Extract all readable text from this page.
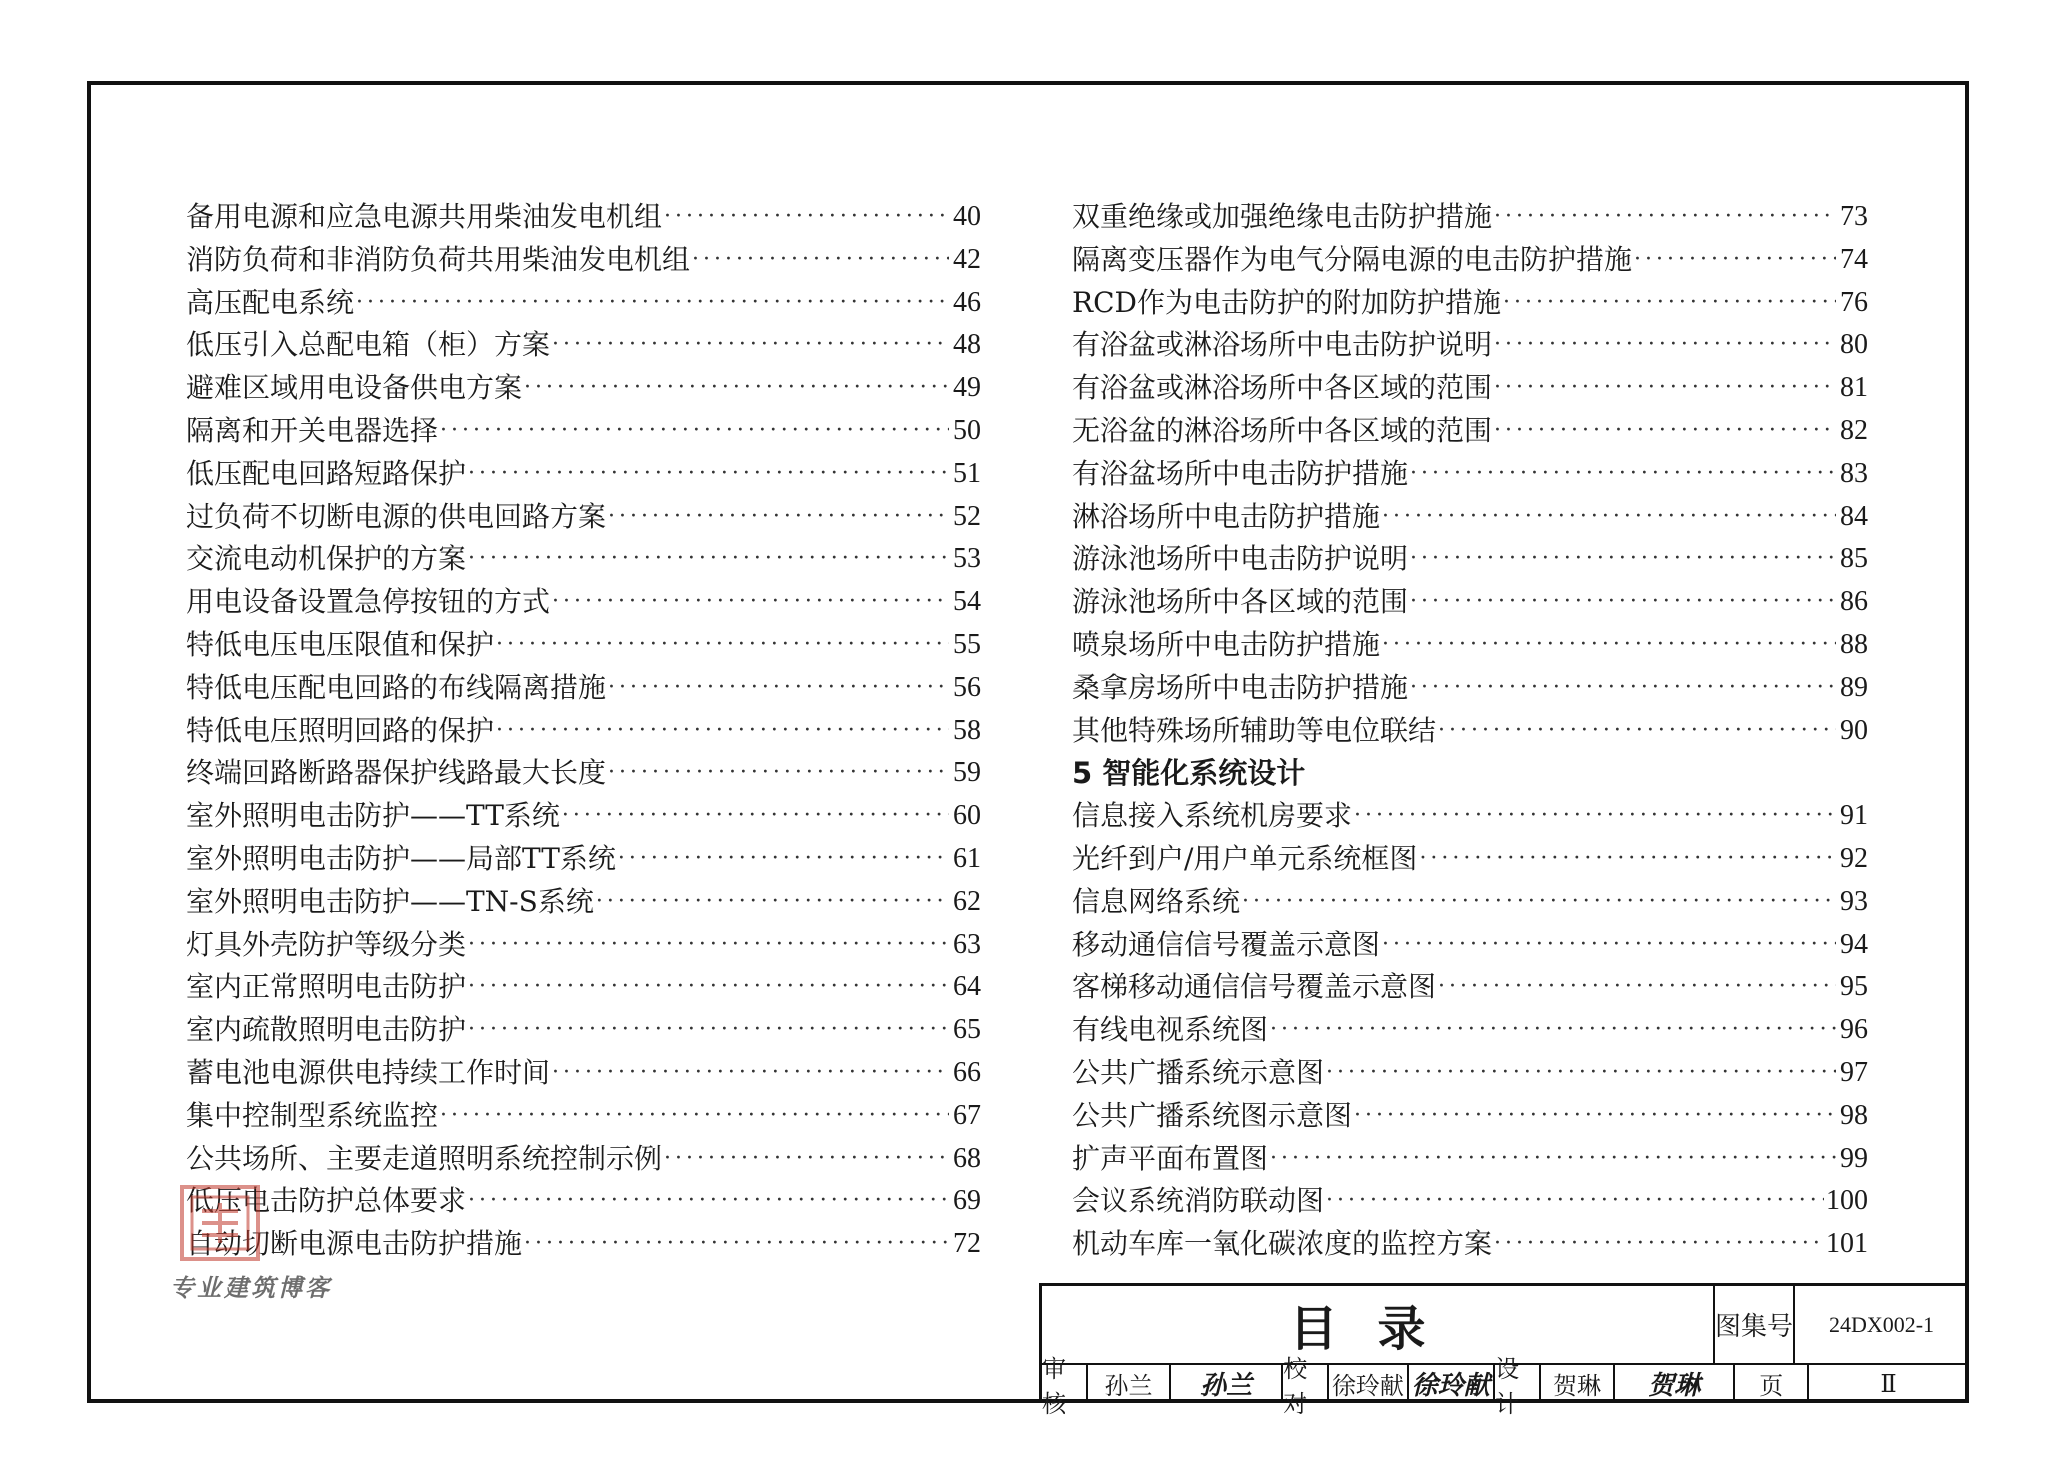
备用电源和应急电源共用柴油发电机组 ·····	40
消防负荷和非消防负荷共用柴油发电机组 ·····	42
高压配电系统 ·····	46
低压引入总配电箱（柜）方案 ·····	48
避难区域用电设备供电方案 ·····	49
隔离和开关电器选择 ·····	50
低压配电回路短路保护 ·····	51
过负荷不切断电源的供电回路方案 ·····	52
交流电动机保护的方案 ·····	53
用电设备设置急停按钮的方式 ·····	54
特低电压电压限值和保护 ·····	55
特低电压配电回路的布线隔离措施 ·····	56
特低电压照明回路的保护 ·····	58
终端回路断路器保护线路最大长度 ·····	59
室外照明电击防护——TT系统 ·····	60
室外照明电击防护——局部TT系统 ·····	61
室外照明电击防护——TN-S系统 ·····	62
灯具外壳防护等级分类 ·····	63
室内正常照明电击防护 ·····	64
室内疏散照明电击防护 ·····	65
蓄电池电源供电持续工作时间 ·····	66
集中控制型系统监控 ·····	67
公共场所、主要走道照明系统控制示例 ·····	68
低压电击防护总体要求 ·····	69
自动切断电源电击防护措施 ·····	72
双重绝缘或加强绝缘电击防护措施 ·····	73
隔离变压器作为电气分隔电源的电击防护措施 ·····	74
RCD作为电击防护的附加防护措施 ·····	76
有浴盆或淋浴场所中电击防护说明 ·····	80
有浴盆或淋浴场所中各区域的范围 ·····	81
无浴盆的淋浴场所中各区域的范围 ·····	82
有浴盆场所中电击防护措施 ·····	83
淋浴场所中电击防护措施 ·····	84
游泳池场所中电击防护说明 ·····	85
游泳池场所中各区域的范围 ·····	86
喷泉场所中电击防护措施 ·····	88
桑拿房场所中电击防护措施 ·····	89
其他特殊场所辅助等电位联结 ·····	90
5 智能化系统设计
信息接入系统机房要求 ·····	91
光纤到户/用户单元系统框图 ·····	92
信息网络系统 ·····	93
移动通信信号覆盖示意图 ·····	94
客梯移动通信信号覆盖示意图 ·····	95
有线电视系统图 ·····	96
公共广播系统示意图 ·····	97
公共广播系统图示意图 ·····	98
扩声平面布置图 ·····	99
会议系统消防联动图 ·····	100
机动车库一氧化碳浓度的监控方案 ·····	101
专业建筑博客
目录	图集号	24DX002-1
审核
孙兰	孙兰
校对
徐玲献 徐玲献
设计
贺琳	贺琳	页	Ⅱ
